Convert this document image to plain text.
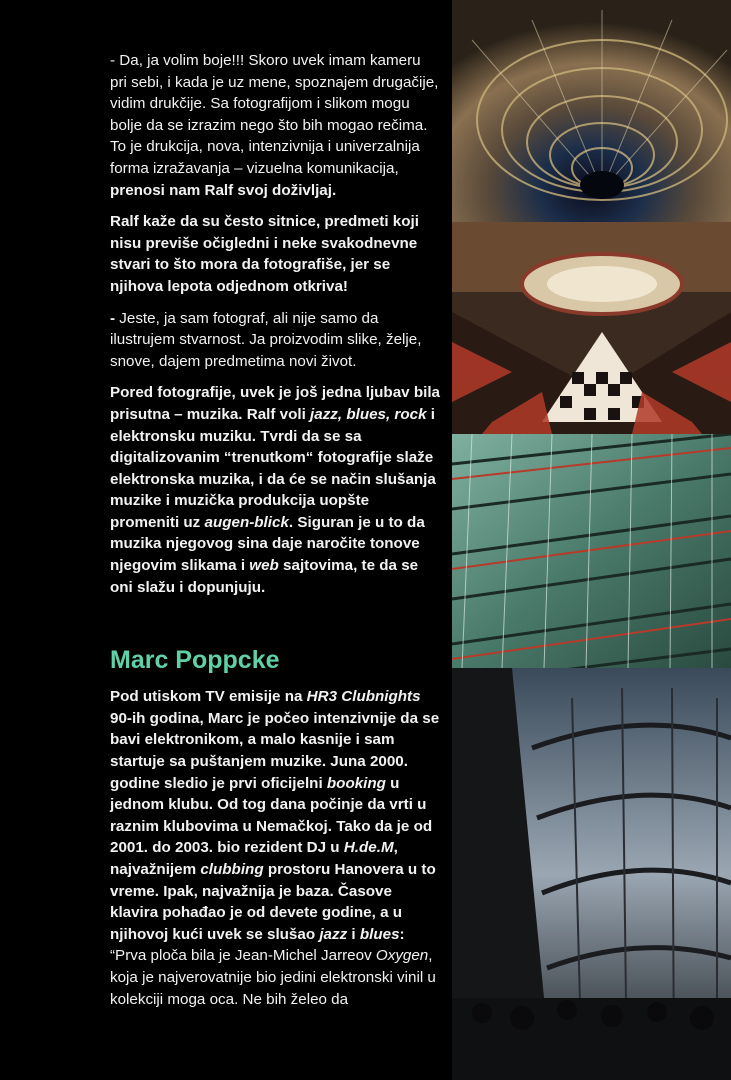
- Da, ja volim boje!!! Skoro uvek imam kameru pri sebi, i kada je uz mene, spoznajem drugačije, vidim drukčije. Sa fotografijom i slikom mogu bolje da se izrazim nego što bih mogao rečima. To je drukcija, nova, intenzivnija i univerzalnija forma izražavanja – vizuelna komunikacija, prenosi nam Ralf svoj doživljaj.

Ralf kaže da su često sitnice, predmeti koji nisu previše očigledni i neke svakodnevne stvari to što mora da fotografiše, jer se njihova lepota odjednom otkriva!

- Jeste, ja sam fotograf, ali nije samo da ilustrujem stvarnost. Ja proizvodim slike, želje, snove, dajem predmetima novi život.

Pored fotografije, uvek je još jedna ljubav bila prisutna – muzika. Ralf voli jazz, blues, rock i elektronsku muziku. Tvrdi da se sa digitalizovanim “trenutkom“ fotografije slaže elektronska muzika, i da će se način slušanja muzike i muzička produkcija uopšte promeniti uz augen-blick. Siguran je u to da muzika njegovog sina daje naročite tonove njegovim slikama i web sajtovima, te da se oni slažu i dopunjuju.

Marc Poppcke

Pod utiskom TV emisije na HR3 Clubnights 90-ih godina, Marc je počeo intenzivnije da se bavi elektronikom, a malo kasnije i sam startuje sa puštanjem muzike. Juna 2000. godine sledio je prvi oficijelni booking u jednom klubu. Od tog dana počinje da vrti u raznim klubovima u Nemačkoj. Tako da je od 2001. do 2003. bio rezident DJ u H.de.M, najvažnijem clubbing prostoru Hanovera u to vreme. Ipak, najvažnija je baza. Časove klavira pohađao je od devete godine, a u njihovoj kući uvek se slušao jazz i blues:

“Prva ploča bila je Jean-Michel Jarreov Oxygen, koja je najverovatnije bio jedini elektronski vinil u kolekciji moga oca. Ne bih želeo da
